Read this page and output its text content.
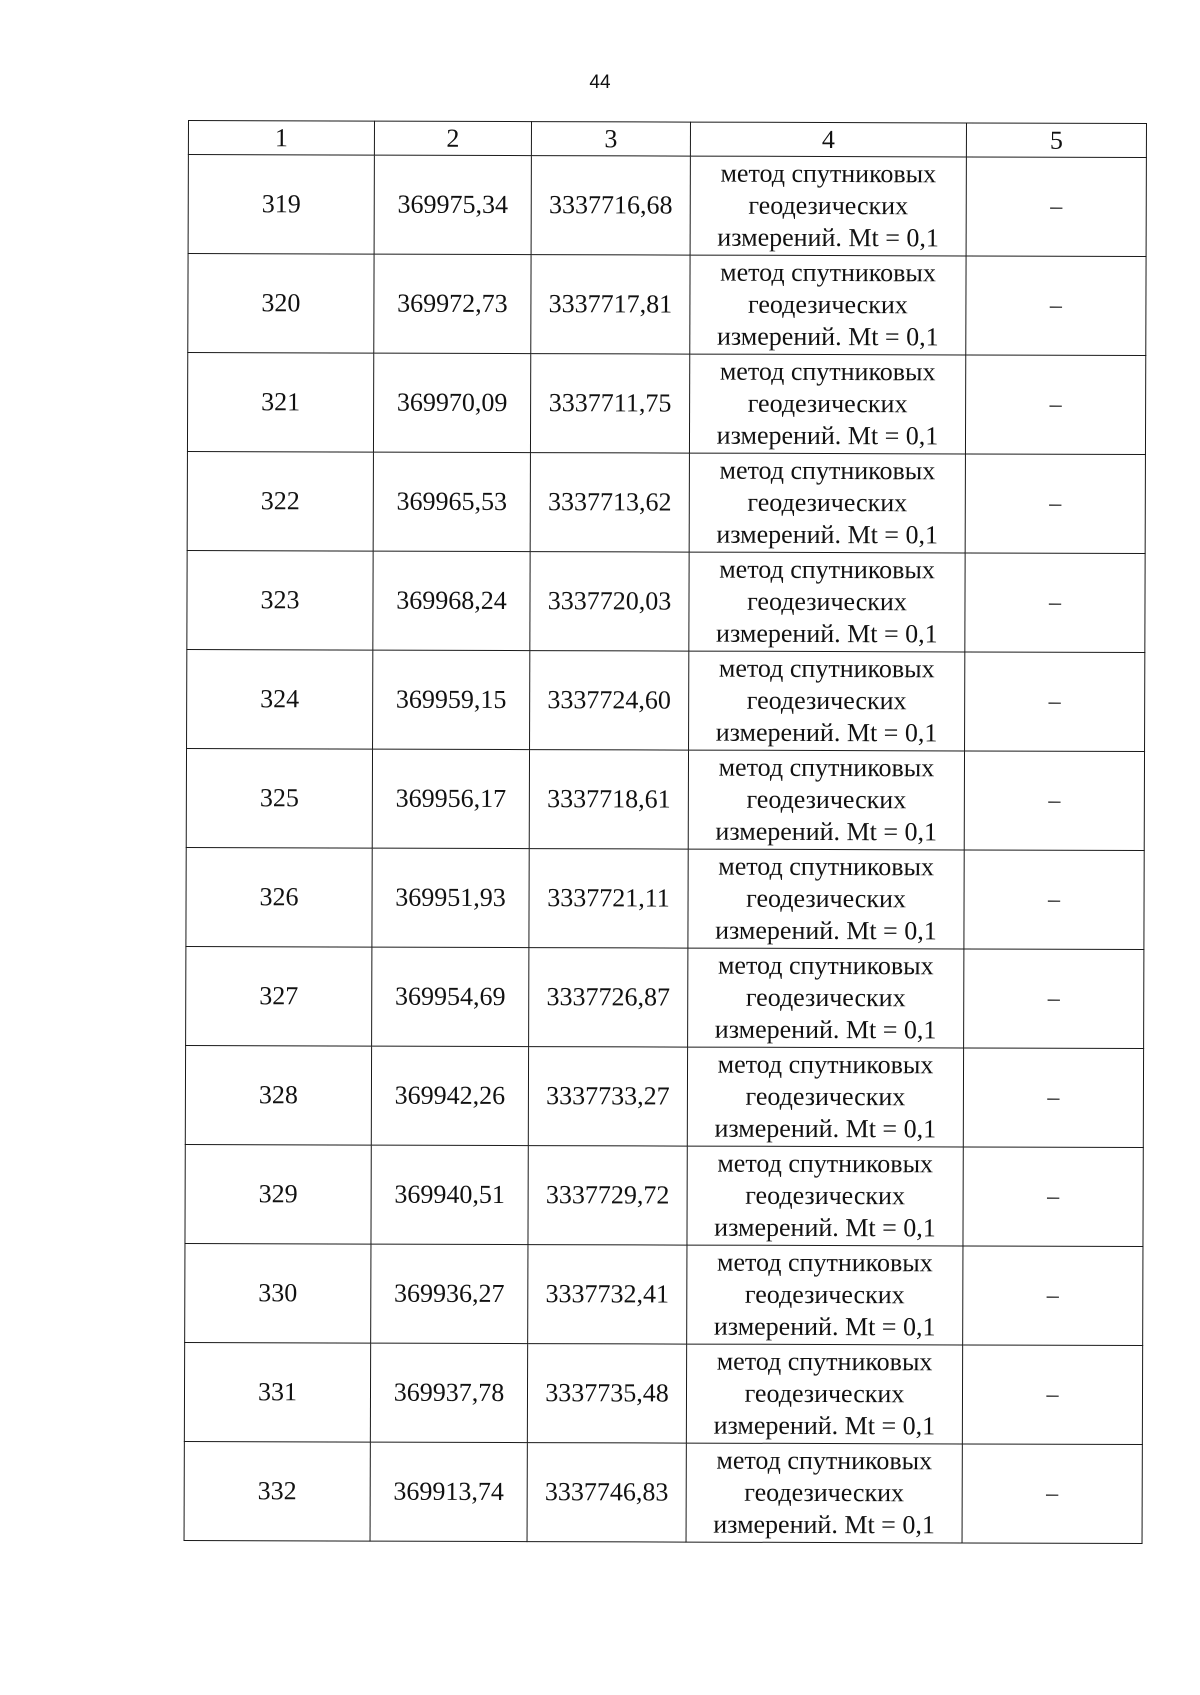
44
1	2	3	4	5
319	369975,34	3337716,68	метод спутниковых
геодезических
измерений. Mt = 0,1	–
320	369972,73	3337717,81	метод спутниковых
геодезических
измерений. Mt = 0,1	–
321	369970,09	3337711,75	метод спутниковых
геодезических
измерений. Mt = 0,1	–
322	369965,53	3337713,62	метод спутниковых
геодезических
измерений. Mt = 0,1	–
323	369968,24	3337720,03	метод спутниковых
геодезических
измерений. Mt = 0,1	–
324	369959,15	3337724,60	метод спутниковых
геодезических
измерений. Mt = 0,1	–
325	369956,17	3337718,61	метод спутниковых
геодезических
измерений. Mt = 0,1	–
326	369951,93	3337721,11	метод спутниковых
геодезических
измерений. Mt = 0,1	–
327	369954,69	3337726,87	метод спутниковых
геодезических
измерений. Mt = 0,1	–
328	369942,26	3337733,27	метод спутниковых
геодезических
измерений. Mt = 0,1	–
329	369940,51	3337729,72	метод спутниковых
геодезических
измерений. Mt = 0,1	–
330	369936,27	3337732,41	метод спутниковых
геодезических
измерений. Mt = 0,1	–
331	369937,78	3337735,48	метод спутниковых
геодезических
измерений. Mt = 0,1	–
332	369913,74	3337746,83	метод спутниковых
геодезических
измерений. Mt = 0,1	–
